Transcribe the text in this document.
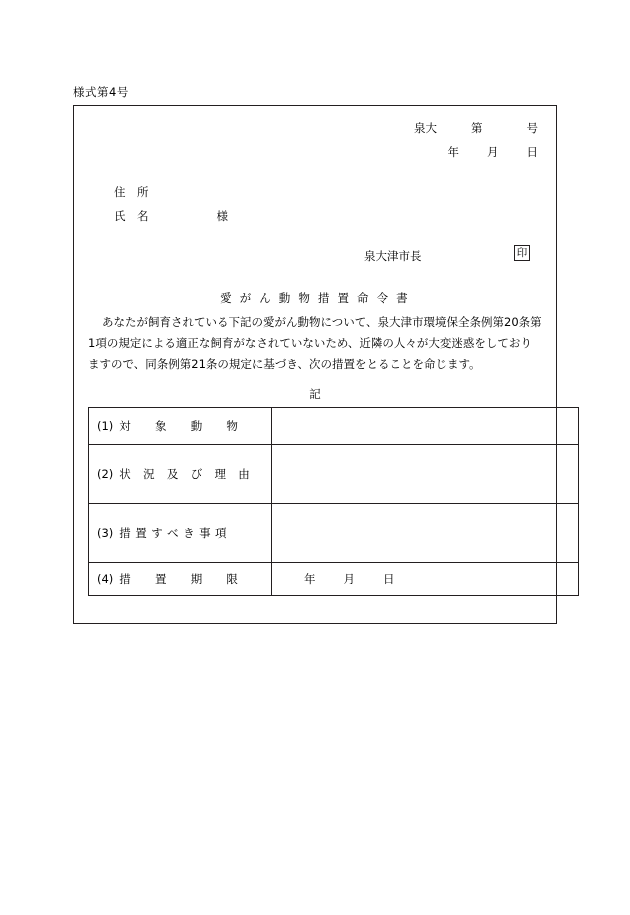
様式第4号
泉大	第	号
年 月 日
住　所
氏　名	様
泉大津市長	印
愛 が ん 動 物 措 置 命 令 書

あなたが飼育されている下記の愛がん動物について、泉大津市環境保全条例第20条第

1項の規定による適正な飼育がなされていないため、近隣の人々が大変迷惑をしており

ますので、同条例第21条の規定に基づき、次の措置をとることを命じます。

記
(1) 対　　象　　動　　物	

(2) 状　況　及　び　理　由	

(3) 措 置 す べ き 事 項	

(4) 措　　置　　期　　限	年 月 日
